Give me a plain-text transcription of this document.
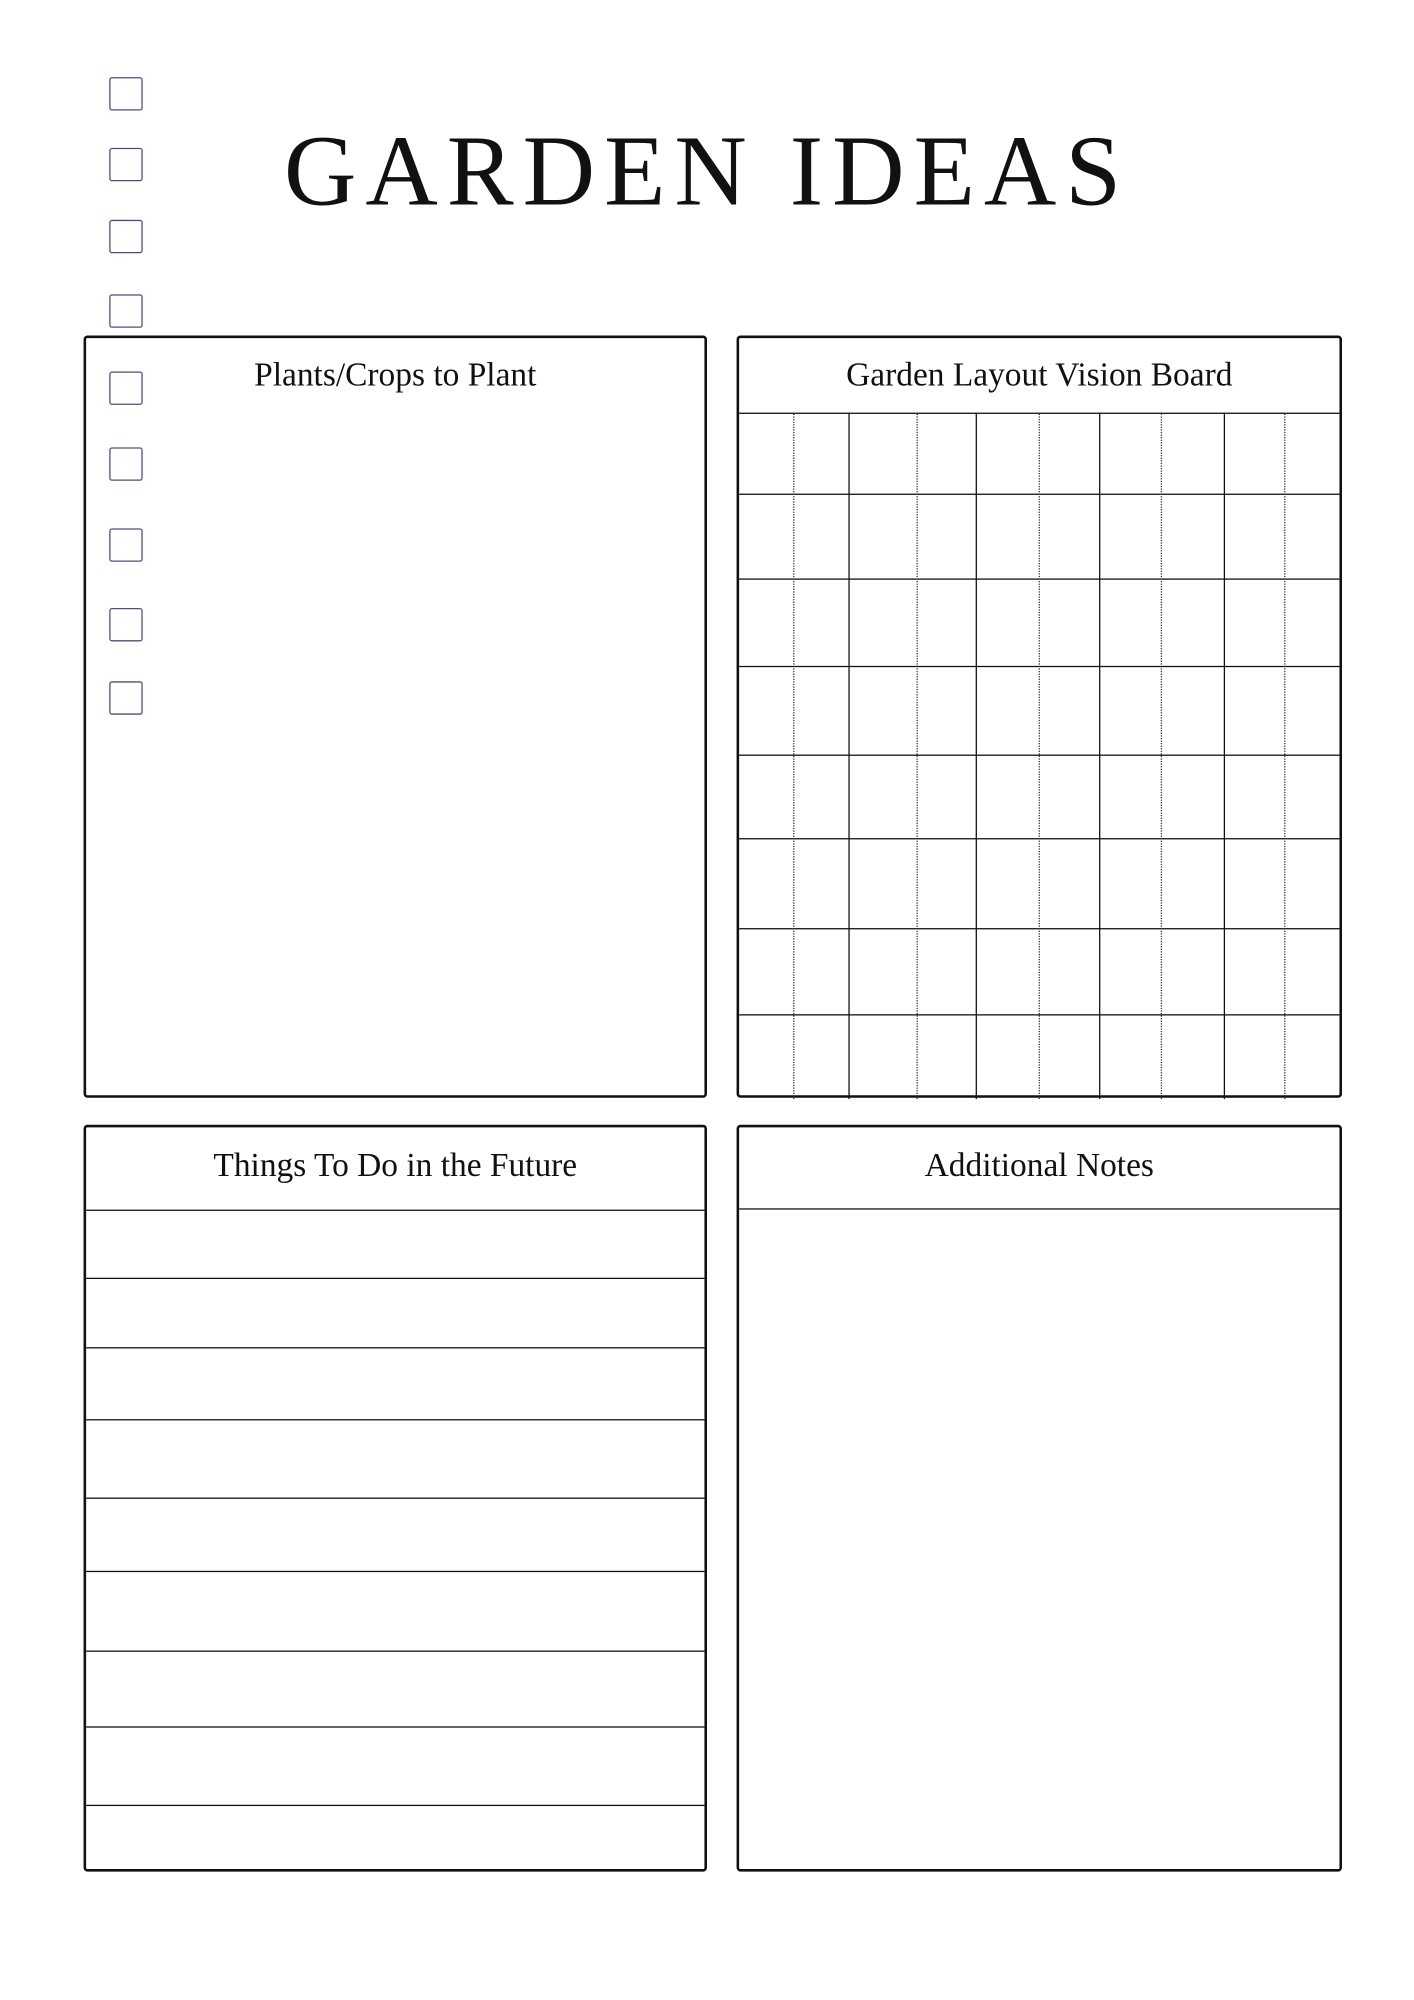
GARDEN IDEAS
Plants/Crops to Plant	Garden Layout Vision Board
Things To Do in the Future	Additional Notes
